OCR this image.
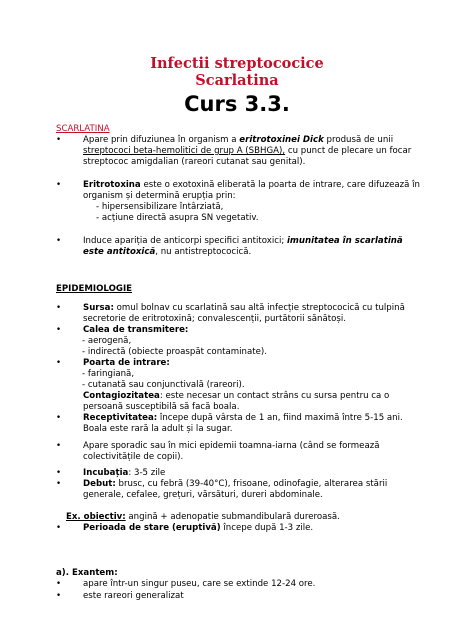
Infectii streptococice
Scarlatina
Curs 3.3.
SCARLATINA
•	Apare prin difuziunea în organism a eritrotoxinei Dick produsă de unii streptococi beta-hemolitici de grup A (SBHGA), cu punct de plecare un focar streptococ amigdalian (rareori cutanat sau genital).
•	Eritrotoxina este o exotoxină eliberată la poarta de intrare, care difuzează în organism și determină erupția prin:
- hipersensibilizare întârziată,
- acțiune directă asupra SN vegetativ.
•	Induce apariția de anticorpi specifici antitoxici; imunitatea în scarlatină este antitoxică, nu antistreptococică.
EPIDEMIOLOGIE
•	Sursa: omul bolnav cu scarlatină sau altă infecție streptococică cu tulpină secretorie de eritrotoxină; convalescenții, purtătorii sănătoși.
•	Calea de transmitere:
- aerogenă,
- indirectă (obiecte proaspăt contaminate).
•	Poarta de intrare:
- faringiană,
- cutanată sau conjunctivală (rareori).
Contagiozitatea: este necesar un contact strâns cu sursa pentru ca o persoană susceptibilă să facă boala.
•	Receptivitatea: începe după vârsta de 1 an, fiind maximă între 5-15 ani. Boala este rară la adult și la sugar.
•	Apare sporadic sau în mici epidemii toamna-iarna (când se formează colectivitățile de copii).
•	Incubația: 3-5 zile
•	Debut: brusc, cu febră (39-40°C), frisoane, odinofagie, alterarea stării generale, cefalee, grețuri, vărsături, dureri abdominale.
Ex. obiectiv: angină + adenopatie submandibulară dureroasă.
•	Perioada de stare (eruptivă) începe după 1-3 zile.
a). Exantem:
•	apare într-un singur puseu, care se extinde 12-24 ore.
•	este rareori generalizat
